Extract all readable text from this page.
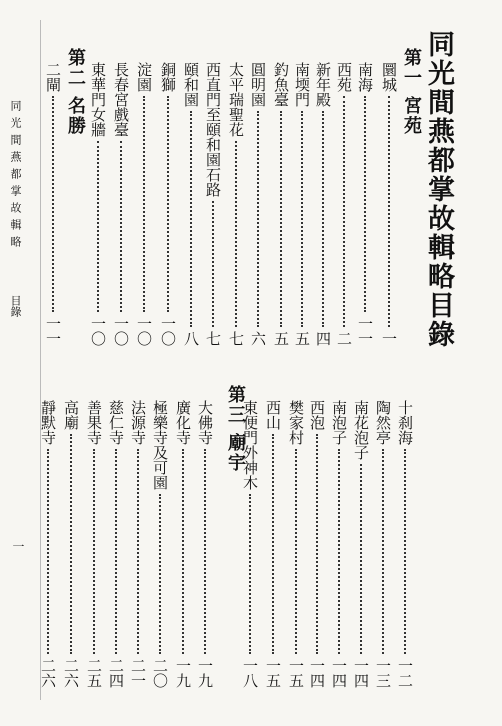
同光間燕都掌故輯略目錄
同光間燕都掌故輯略
目錄
一
第一 宮苑
圜城
一
南海
一一
西苑
二
新年殿
四
南堧門
五
釣魚臺
五
圓明園
六
太平瑞聖花
七
西直門至頤和園石路
七
頤和園
八
銅獅
一〇
淀園
一〇
長春宮戲臺
一〇
東華門女牆
一〇
第二 名勝
二閘
一一
十刹海
一二
陶然亭
一三
南花泡子
一四
南泡子
一四
西泡
一四
樊家村
一五
西山
一五
東便門外神木
一八
第三 廟宇
大佛寺
一九
廣化寺
一九
極樂寺及可園
二〇
法源寺
二一
慈仁寺
二四
善果寺
二五
高廟
二六
靜默寺
二六
